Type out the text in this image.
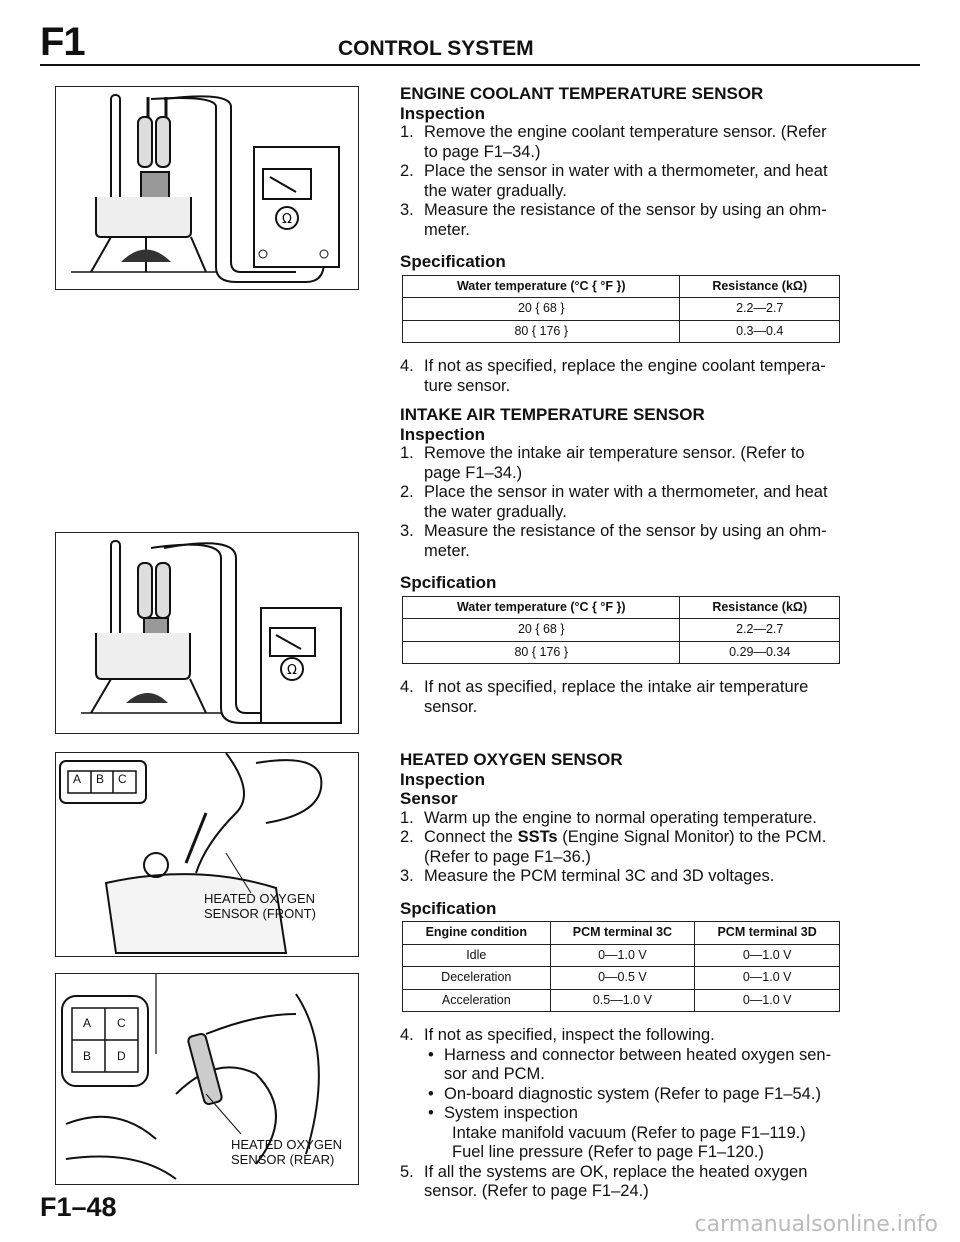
F1	CONTROL SYSTEM
Ω
Ω
HEATED OXYGEN
SENSOR (FRONT)
A B C
HEATED OXYGEN
SENSOR (REAR)
A C
B D
ENGINE COOLANT TEMPERATURE SENSOR
Inspection
1. Remove the engine coolant temperature sensor. (Refer to page F1–34.)
2. Place the sensor in water with a thermometer, and heat the water gradually.
3. Measure the resistance of the sensor by using an ohm-meter.
Specification
Water temperature (°C { °F })	Resistance (kΩ)
20 { 68 }	2.2—2.7
80 { 176 }	0.3—0.4
4. If not as specified, replace the engine coolant tempera-ture sensor.
INTAKE AIR TEMPERATURE SENSOR
Inspection
1. Remove the intake air temperature sensor. (Refer to page F1–34.)
2. Place the sensor in water with a thermometer, and heat the water gradually.
3. Measure the resistance of the sensor by using an ohm-meter.
Spcification
Water temperature (°C { °F })	Resistance (kΩ)
20 { 68 }	2.2—2.7
80 { 176 }	0.29—0.34
4. If not as specified, replace the intake air temperature sensor.
HEATED OXYGEN SENSOR
Inspection
Sensor
1. Warm up the engine to normal operating temperature.
2. Connect the SSTs (Engine Signal Monitor) to the PCM. (Refer to page F1–36.)
3. Measure the PCM terminal 3C and 3D voltages.
Spcification
Engine condition	PCM terminal 3C	PCM terminal 3D
Idle	0—1.0 V	0—1.0 V
Deceleration	0—0.5 V	0—1.0 V
Acceleration	0.5—1.0 V	0—1.0 V
4. If not as specified, inspect the following.
• Harness and connector between heated oxygen sen-sor and PCM.
• On-board diagnostic system (Refer to page F1–54.)
• System inspection
Intake manifold vacuum (Refer to page F1–119.)
Fuel line pressure (Refer to page F1–120.)
5. If all the systems are OK, replace the heated oxygen sensor. (Refer to page F1–24.)
F1–48
carmanualsonline.info
